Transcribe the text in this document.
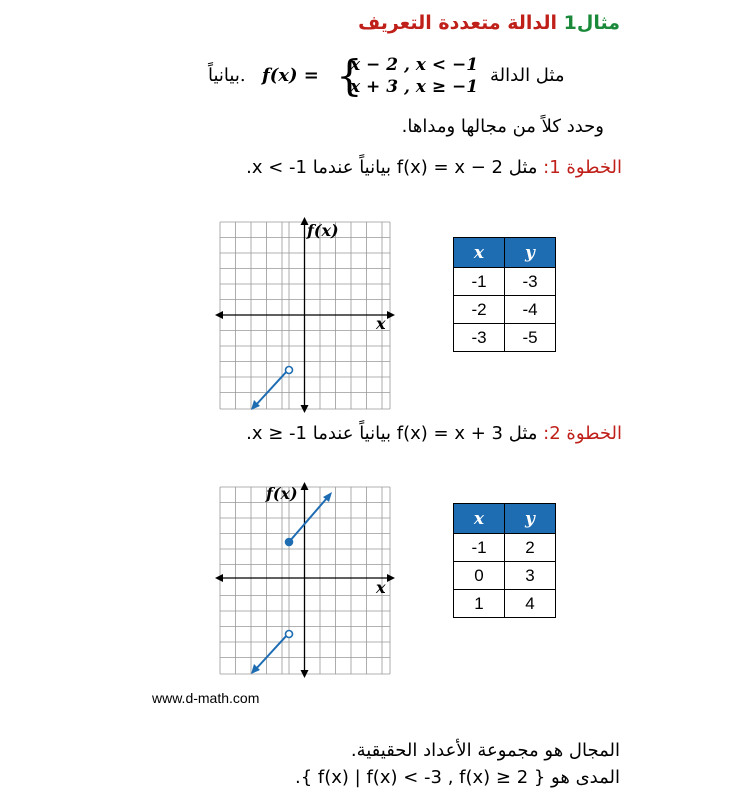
مثال1 الدالة متعددة التعريف
بيانياً. f(x) = {
x − 2 , x < −1
x + 3 , x ≥ −1
مثل الدالة
وحدد كلاً من مجالها ومداها.
الخطوة 1: مثل f(x) = x − 2 بيانياً عندما x < -1.
f(x)
x
x	y
-1	-3
-2	-4
-3	-5
الخطوة 2: مثل f(x) = x + 3 بيانياً عندما x ≥ -1.
f(x)
x
x	y
-1	2
0	3
1	4
www.d-math.com
المجال هو مجموعة الأعداد الحقيقية.
المدى هو { f(x) | f(x) < -3 , f(x) ≥ 2 }.
